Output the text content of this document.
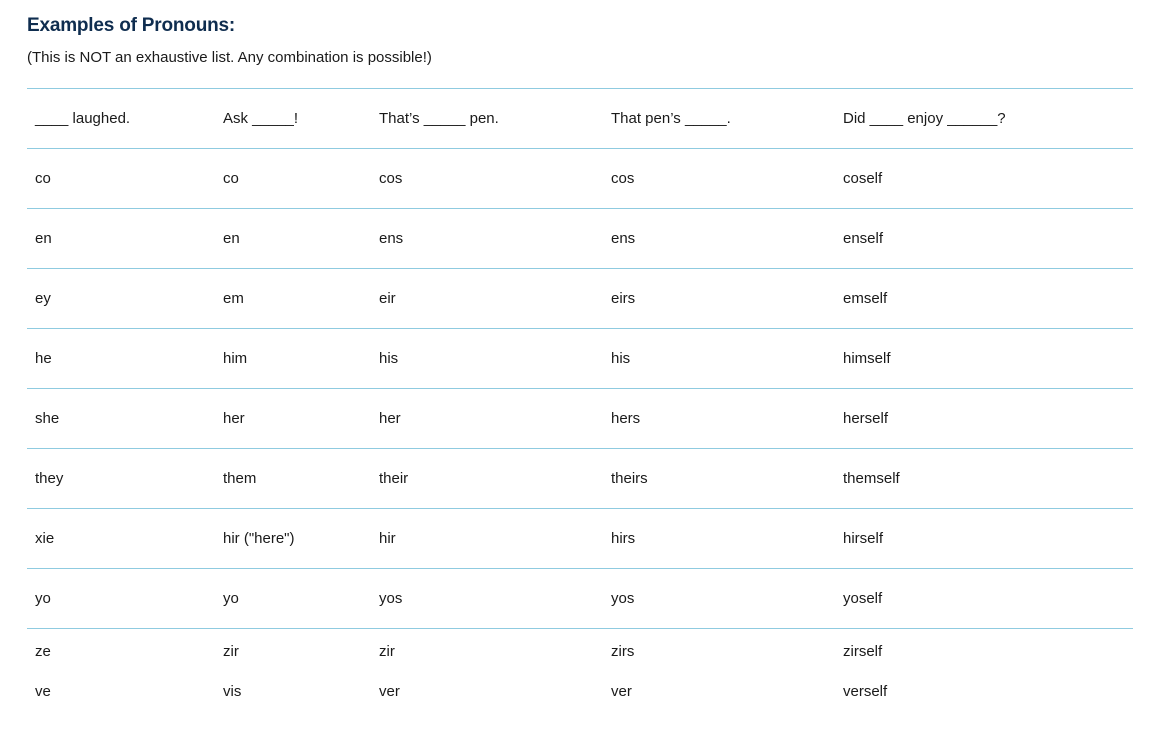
Examples of Pronouns:

(This is NOT an exhaustive list. Any combination is possible!)

____ laughed.	Ask _____!	That’s _____ pen.	That pen’s _____.	Did ____ enjoy ______?
co	co	cos	cos	coself
en	en	ens	ens	enself
ey	em	eir	eirs	emself
he	him	his	his	himself
she	her	her	hers	herself
they	them	their	theirs	themself
xie	hir ("here")	hir	hirs	hirself
yo	yo	yos	yos	yoself
ze	zir	zir	zirs	zirself
ve	vis	ver	ver	verself
